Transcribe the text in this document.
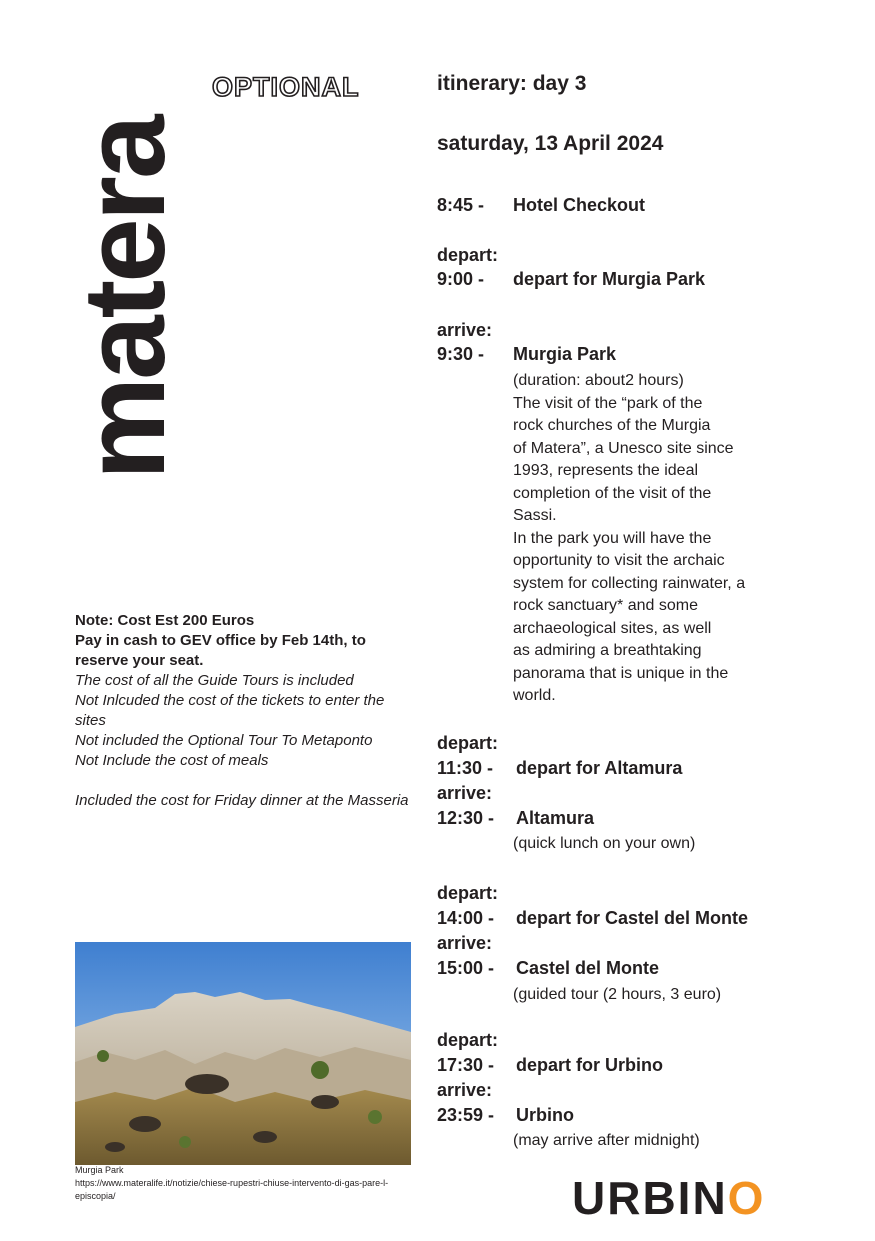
matera
OPTIONAL	itinerary: day 3
saturday, 13 April 2024
8:45 - Hotel Checkout
depart:
9:00 - depart for Murgia Park
arrive:
9:30 - Murgia Park
(duration: about2 hours)
The visit of the “park of the
rock churches of the Murgia
of Matera”, a Unesco site since
1993, represents the ideal
completion of the visit of the
Sassi.
In the park you will have the
opportunity to visit the archaic
system for collecting rainwater, a
rock sanctuary* and some
archaeological sites, as well
as admiring a breathtaking
panorama that is unique in the
world.
depart:
11:30 - depart for Altamura
arrive:
12:30 - Altamura
(quick lunch on your own)
depart:
14:00 - depart for Castel del Monte
arrive:
15:00 - Castel del Monte
(guided tour (2 hours, 3 euro)
depart:
17:30 - depart for Urbino
arrive:
23:59 - Urbino
(may arrive after midnight)
Note: Cost Est 200 Euros
Pay in cash to GEV office by Feb 14th, to reserve your seat.
The cost of all the Guide Tours is included
Not Inlcuded the cost of the tickets to enter the sites
Not included the Optional Tour To Metaponto
Not Include the cost of meals
Included the cost for Friday dinner at the Masseria
Murgia Park
https://www.materalife.it/notizie/chiese-rupestri-chiuse-intervento-di-gas-pare-l-episcopia/	URBINO
